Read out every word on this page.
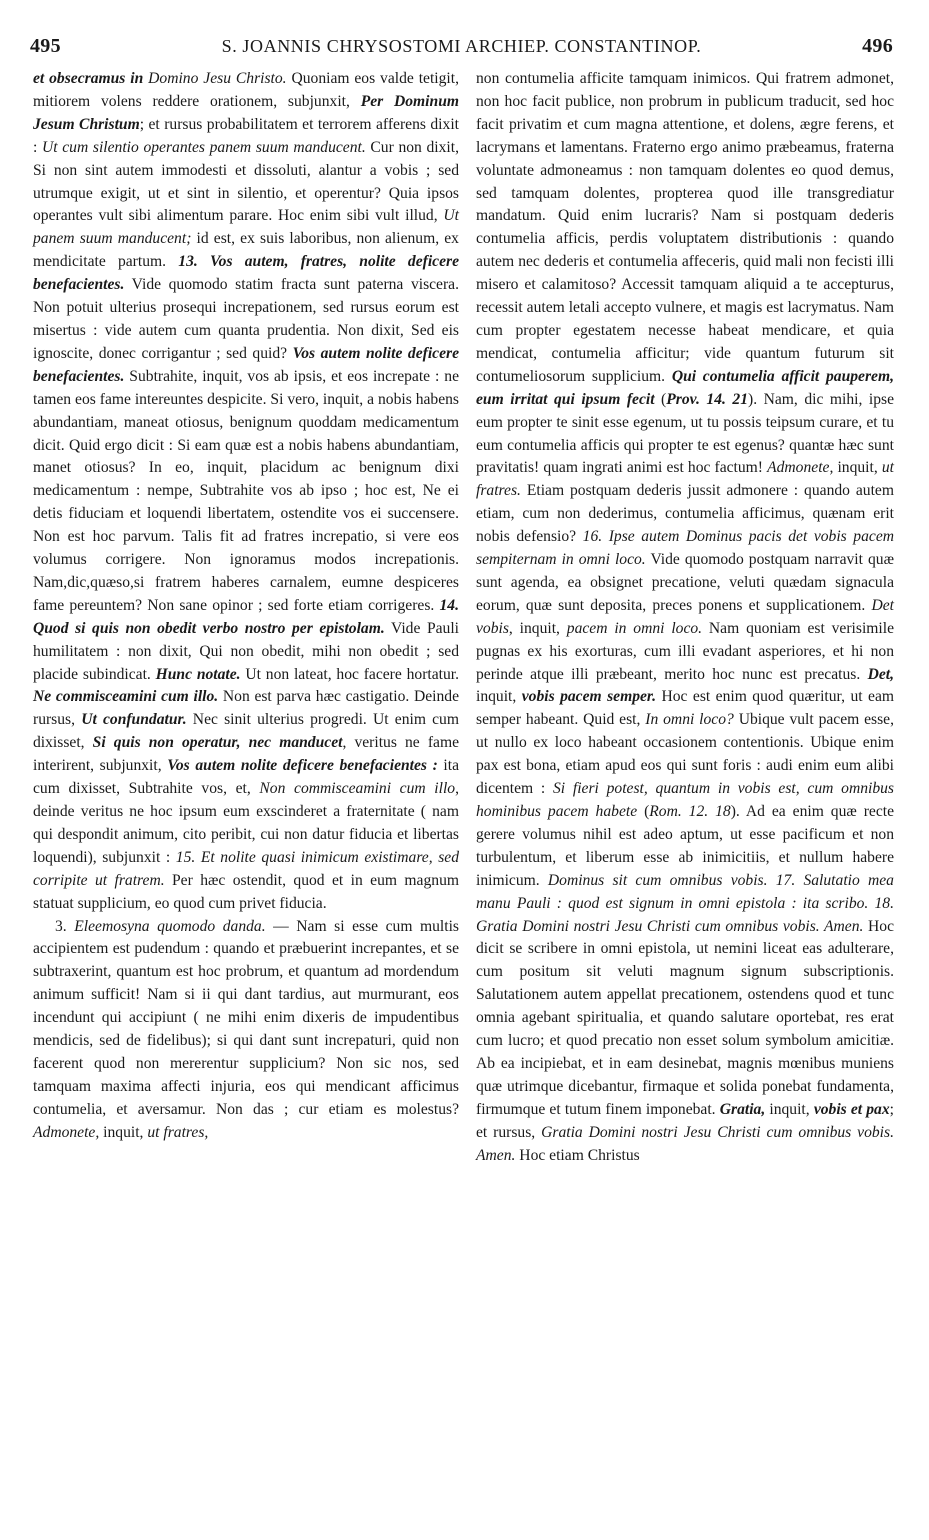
495	S. JOANNIS CHRYSOSTOMI ARCHIEP. CONSTANTINOP.	496

et obsecramus in Domino Jesu Christo. Quoniam eos valde tetigit, mitiorem volens reddere orationem, subjunxit, Per Dominum Jesum Christum; et rursus probabilitatem et terrorem afferens dixit : Ut cum silentio operantes panem suum manducent. Cur non dixit, Si non sint autem immodesti et dissoluti, alantur a vobis ; sed utrumque exigit, ut et sint in silentio, et operentur? Quia ipsos operantes vult sibi alimentum parare. Hoc enim sibi vult illud, Ut panem suum manducent; id est, ex suis laboribus, non alienum, ex mendicitate partum. 13. Vos autem, fratres, nolite deficere benefacientes. Vide quomodo statim fracta sunt paterna viscera. Non potuit ulterius prosequi increpationem, sed rursus eorum est misertus : vide autem cum quanta prudentia. Non dixit, Sed eis ignoscite, donec corrigantur ; sed quid? Vos autem nolite deficere benefacientes. Subtrahite, inquit, vos ab ipsis, et eos increpate : ne tamen eos fame intereuntes despicite. Si vero, inquit, a nobis habens abundantiam, maneat otiosus, benignum quoddam medicamentum dicit. Quid ergo dicit : Si eam quæ est a nobis habens abundantiam, manet otiosus? In eo, inquit, placidum ac benignum dixi medicamentum : nempe, Subtrahite vos ab ipso ; hoc est, Ne ei detis fiduciam et loquendi libertatem, ostendite vos ei succensere. Non est hoc parvum. Talis fit ad fratres increpatio, si vere eos volumus corrigere. Non ignoramus modos increpationis. Nam,dic,quæso,si fratrem haberes carnalem, eumne despiceres fame pereuntem? Non sane opinor ; sed forte etiam corrigeres. 14. Quod si quis non obedit verbo nostro per epistolam. Vide Pauli humilitatem : non dixit, Qui non obedit, mihi non obedit ; sed placide subindicat. Hunc notate. Ut non lateat, hoc facere hortatur. Ne commisceamini cum illo. Non est parva hæc castigatio. Deinde rursus, Ut confundatur. Nec sinit ulterius progredi. Ut enim cum dixisset, Si quis non operatur, nec manducet, veritus ne fame interirent, subjunxit, Vos autem nolite deficere benefacientes : ita cum dixisset, Subtrahite vos, et, Non commisceamini cum illo, deinde veritus ne hoc ipsum eum exscinderet a fraternitate ( nam qui despondit animum, cito peribit, cui non datur fiducia et libertas loquendi), subjunxit : 15. Et nolite quasi inimicum existimare, sed corripite ut fratrem. Per hæc ostendit, quod et in eum magnum statuat supplicium, eo quod cum privet fiducia.

3. Eleemosyna quomodo danda. — Nam si esse cum multis accipientem est pudendum : quando et præbuerint increpantes, et se subtraxerint, quantum est hoc probrum, et quantum ad mordendum animum sufficit! Nam si ii qui dant tardius, aut murmurant, eos incendunt qui accipiunt ( ne mihi enim dixeris de impudentibus mendicis, sed de fidelibus); si qui dant sunt increpaturi, quid non facerent quod non mererentur supplicium? Non sic nos, sed tamquam maxima affecti injuria, eos qui mendicant afficimus contumelia, et aversamur. Non das ; cur etiam es molestus? Admonete, inquit, ut fratres,

non contumelia afficite tamquam inimicos. Qui fratrem admonet, non hoc facit publice, non probrum in publicum traducit, sed hoc facit privatim et cum magna attentione, et dolens, ægre ferens, et lacrymans et lamentans. Fraterno ergo animo præbeamus, fraterna voluntate admoneamus : non tamquam dolentes eo quod demus, sed tamquam dolentes, propterea quod ille transgrediatur mandatum. Quid enim lucraris? Nam si postquam dederis contumelia afficis, perdis voluptatem distributionis : quando autem nec dederis et contumelia affeceris, quid mali non fecisti illi misero et calamitoso? Accessit tamquam aliquid a te accepturus, recessit autem letali accepto vulnere, et magis est lacrymatus. Nam cum propter egestatem necesse habeat mendicare, et quia mendicat, contumelia afficitur; vide quantum futurum sit contumeliosorum supplicium. Qui contumelia afficit pauperem, eum irritat qui ipsum fecit (Prov. 14. 21). Nam, dic mihi, ipse eum propter te sinit esse egenum, ut tu possis teipsum curare, et tu eum contumelia afficis qui propter te est egenus? quantæ hæc sunt pravitatis! quam ingrati animi est hoc factum! Admonete, inquit, ut fratres. Etiam postquam dederis jussit admonere : quando autem etiam, cum non dederimus, contumelia afficimus, quænam erit nobis defensio? 16. Ipse autem Dominus pacis det vobis pacem sempiternam in omni loco. Vide quomodo postquam narravit quæ sunt agenda, ea obsignet precatione, veluti quædam signacula eorum, quæ sunt deposita, preces ponens et supplicationem. Det vobis, inquit, pacem in omni loco. Nam quoniam est verisimile pugnas ex his exorturas, cum illi evadant asperiores, et hi non perinde atque illi præbeant, merito hoc nunc est precatus. Det, inquit, vobis pacem semper. Hoc est enim quod quæritur, ut eam semper habeant. Quid est, In omni loco? Ubique vult pacem esse, ut nullo ex loco habeant occasionem contentionis. Ubique enim pax est bona, etiam apud eos qui sunt foris : audi enim eum alibi dicentem : Si fieri potest, quantum in vobis est, cum omnibus hominibus pacem habete (Rom. 12. 18). Ad ea enim quæ recte gerere volumus nihil est adeo aptum, ut esse pacificum et non turbulentum, et liberum esse ab inimicitiis, et nullum habere inimicum. Dominus sit cum omnibus vobis. 17. Salutatio mea manu Pauli : quod est signum in omni epistola : ita scribo. 18. Gratia Domini nostri Jesu Christi cum omnibus vobis. Amen. Hoc dicit se scribere in omni epistola, ut nemini liceat eas adulterare, cum positum sit veluti magnum signum subscriptionis. Salutationem autem appellat precationem, ostendens quod et tunc omnia agebant spiritualia, et quando salutare oportebat, res erat cum lucro; et quod precatio non esset solum symbolum amicitiæ. Ab ea incipiebat, et in eam desinebat, magnis mœnibus muniens quæ utrimque dicebantur, firmaque et solida ponebat fundamenta, firmumque et tutum finem imponebat. Gratia, inquit, vobis et pax; et rursus, Gratia Domini nostri Jesu Christi cum omnibus vobis. Amen. Hoc etiam Christus
